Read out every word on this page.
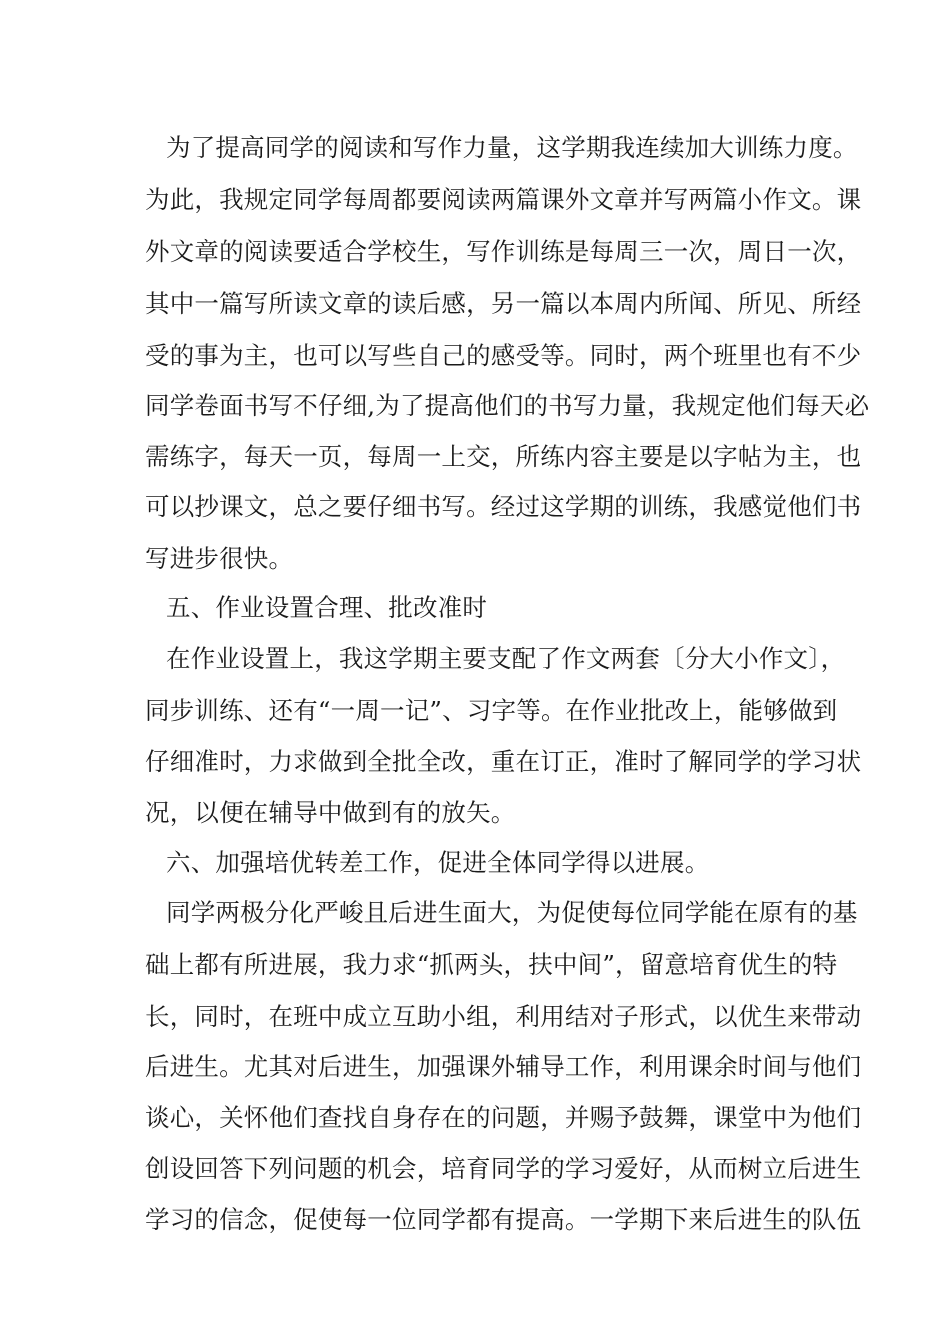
为了提高同学的阅读和写作力量，这学期我连续加大训练力度。
为此，我规定同学每周都要阅读两篇课外文章并写两篇小作文。课
外文章的阅读要适合学校生，写作训练是每周三一次，周日一次，
其中一篇写所读文章的读后感，另一篇以本周内所闻、所见、所经
受的事为主，也可以写些自己的感受等。同时，两个班里也有不少
同学卷面书写不仔细,为了提高他们的书写力量，我规定他们每天必
需练字，每天一页，每周一上交，所练内容主要是以字帖为主，也
可以抄课文，总之要仔细书写。经过这学期的训练，我感觉他们书
写进步很快。
五、作业设置合理、批改准时
在作业设置上，我这学期主要支配了作文两套〔分大小作文〕，
同步训练、还有“一周一记”、习字等。在作业批改上，能够做到
仔细准时，力求做到全批全改，重在订正，准时了解同学的学习状
况，以便在辅导中做到有的放矢。
六、加强培优转差工作，促进全体同学得以进展。
同学两极分化严峻且后进生面大，为促使每位同学能在原有的基
础上都有所进展，我力求“抓两头，扶中间”，留意培育优生的特
长，同时，在班中成立互助小组，利用结对子形式，以优生来带动
后进生。尤其对后进生，加强课外辅导工作，利用课余时间与他们
谈心，关怀他们查找自身存在的问题，并赐予鼓舞，课堂中为他们
创设回答下列问题的机会，培育同学的学习爱好，从而树立后进生
学习的信念，促使每一位同学都有提高。一学期下来后进生的队伍
